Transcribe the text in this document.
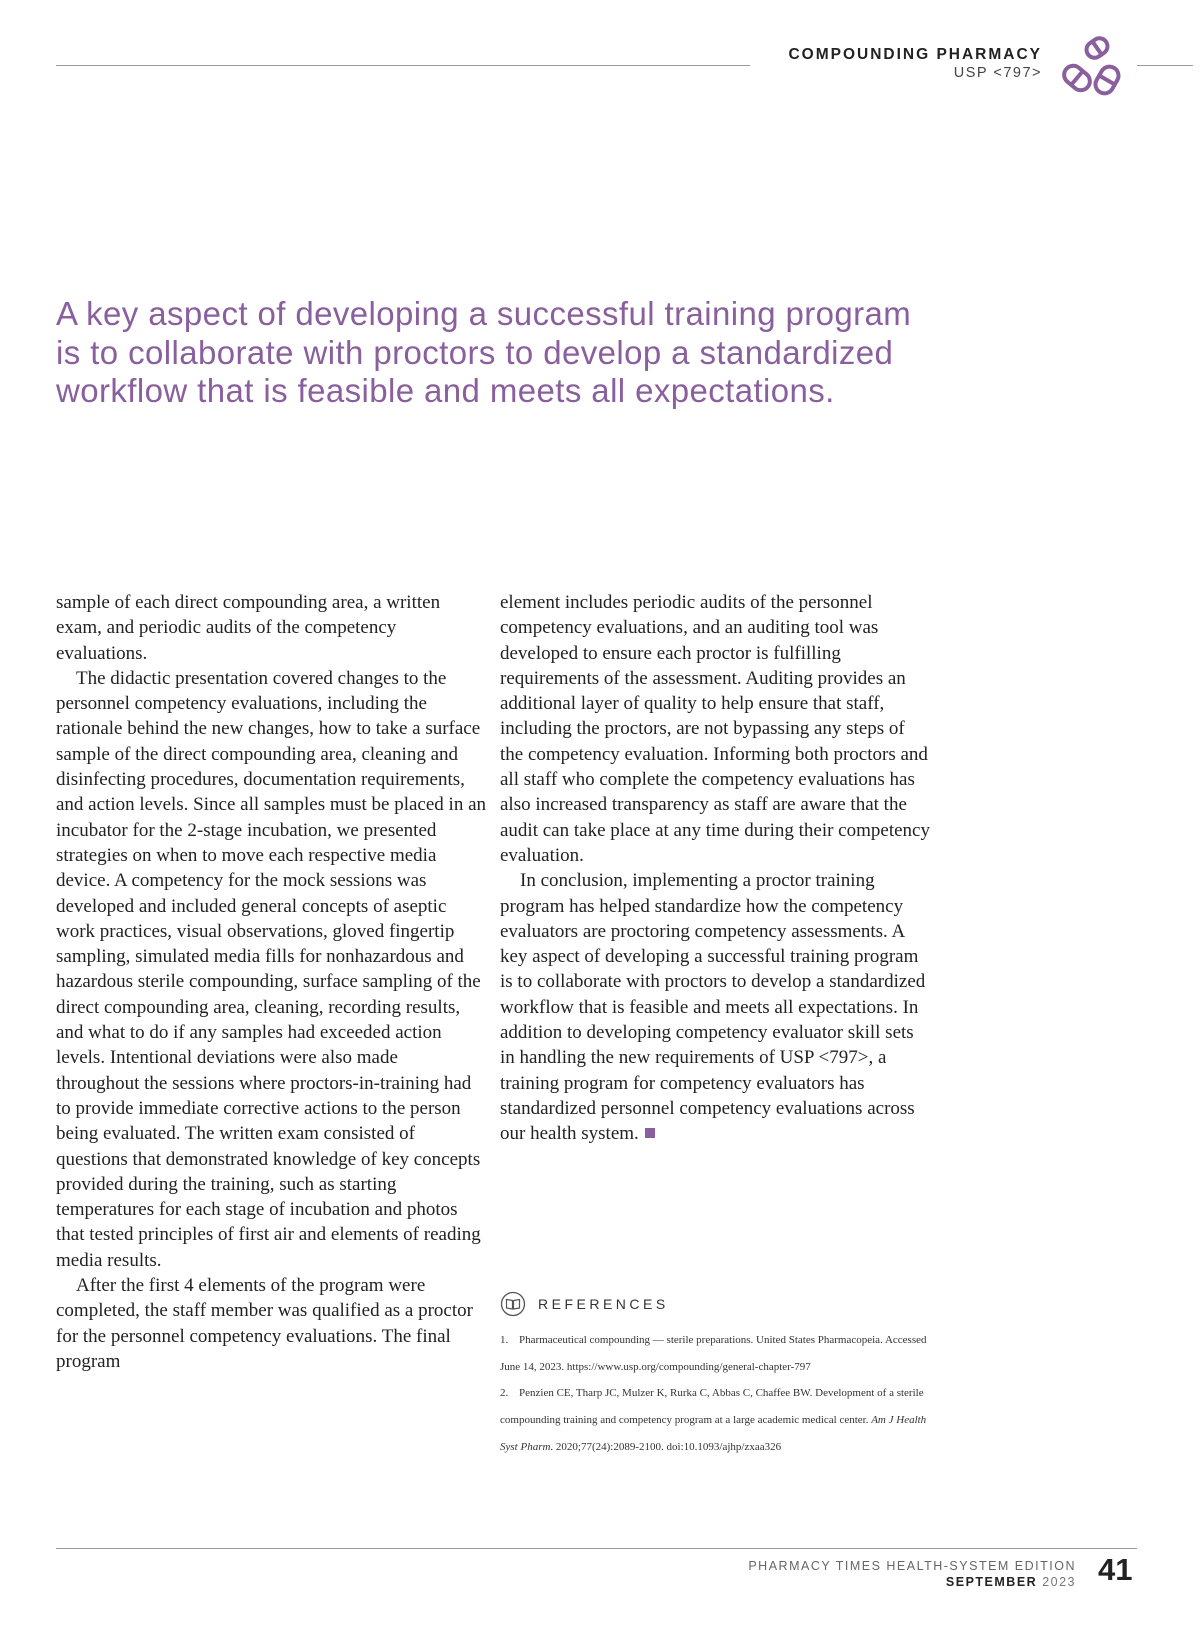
COMPOUNDING PHARMACY
USP <797>
A key aspect of developing a successful training program is to collaborate with proctors to develop a standardized workflow that is feasible and meets all expectations.

sample of each direct compounding area, a written exam, and periodic audits of the competency evaluations.

The didactic presentation covered changes to the personnel competency evaluations, including the rationale behind the new changes, how to take a surface sample of the direct compounding area, cleaning and disinfecting procedures, documentation requirements, and action levels. Since all samples must be placed in an incubator for the 2-stage incubation, we presented strategies on when to move each respective media device. A competency for the mock sessions was developed and included general concepts of aseptic work practices, visual observations, gloved fingertip sampling, simulated media fills for nonhazardous and hazardous sterile compounding, surface sampling of the direct compounding area, cleaning, recording results, and what to do if any samples had exceeded action levels. Intentional deviations were also made throughout the sessions where proctors-in-training had to provide immediate corrective actions to the person being evaluated. The written exam consisted of questions that demonstrated knowledge of key concepts provided during the training, such as starting temperatures for each stage of incubation and photos that tested principles of first air and elements of reading media results.

After the first 4 elements of the program were completed, the staff member was qualified as a proctor for the personnel competency evaluations. The final program

element includes periodic audits of the personnel competency evaluations, and an auditing tool was developed to ensure each proctor is fulfilling requirements of the assessment. Auditing provides an additional layer of quality to help ensure that staff, including the proctors, are not bypassing any steps of the competency evaluation. Informing both proctors and all staff who complete the competency evaluations has also increased transparency as staff are aware that the audit can take place at any time during their competency evaluation.

In conclusion, implementing a proctor training program has helped standardize how the competency evaluators are proctoring competency assessments. A key aspect of developing a successful training program is to collaborate with proctors to develop a standardized workflow that is feasible and meets all expectations. In addition to developing competency evaluator skill sets in handling the new requirements of USP <797>, a training program for competency evaluators has standardized personnel competency evaluations across our health system.

REFERENCES

1. Pharmaceutical compounding — sterile preparations. United States Pharmacopeia. Accessed June 14, 2023. https://www.usp.org/compounding/general-chapter-797

2. Penzien CE, Tharp JC, Mulzer K, Rurka C, Abbas C, Chaffee BW. Development of a sterile compounding training and competency program at a large academic medical center. Am J Health Syst Pharm. 2020;77(24):2089-2100. doi:10.1093/ajhp/zxaa326

PHARMACY TIMES HEALTH-SYSTEM EDITION
SEPTEMBER 2023 41
